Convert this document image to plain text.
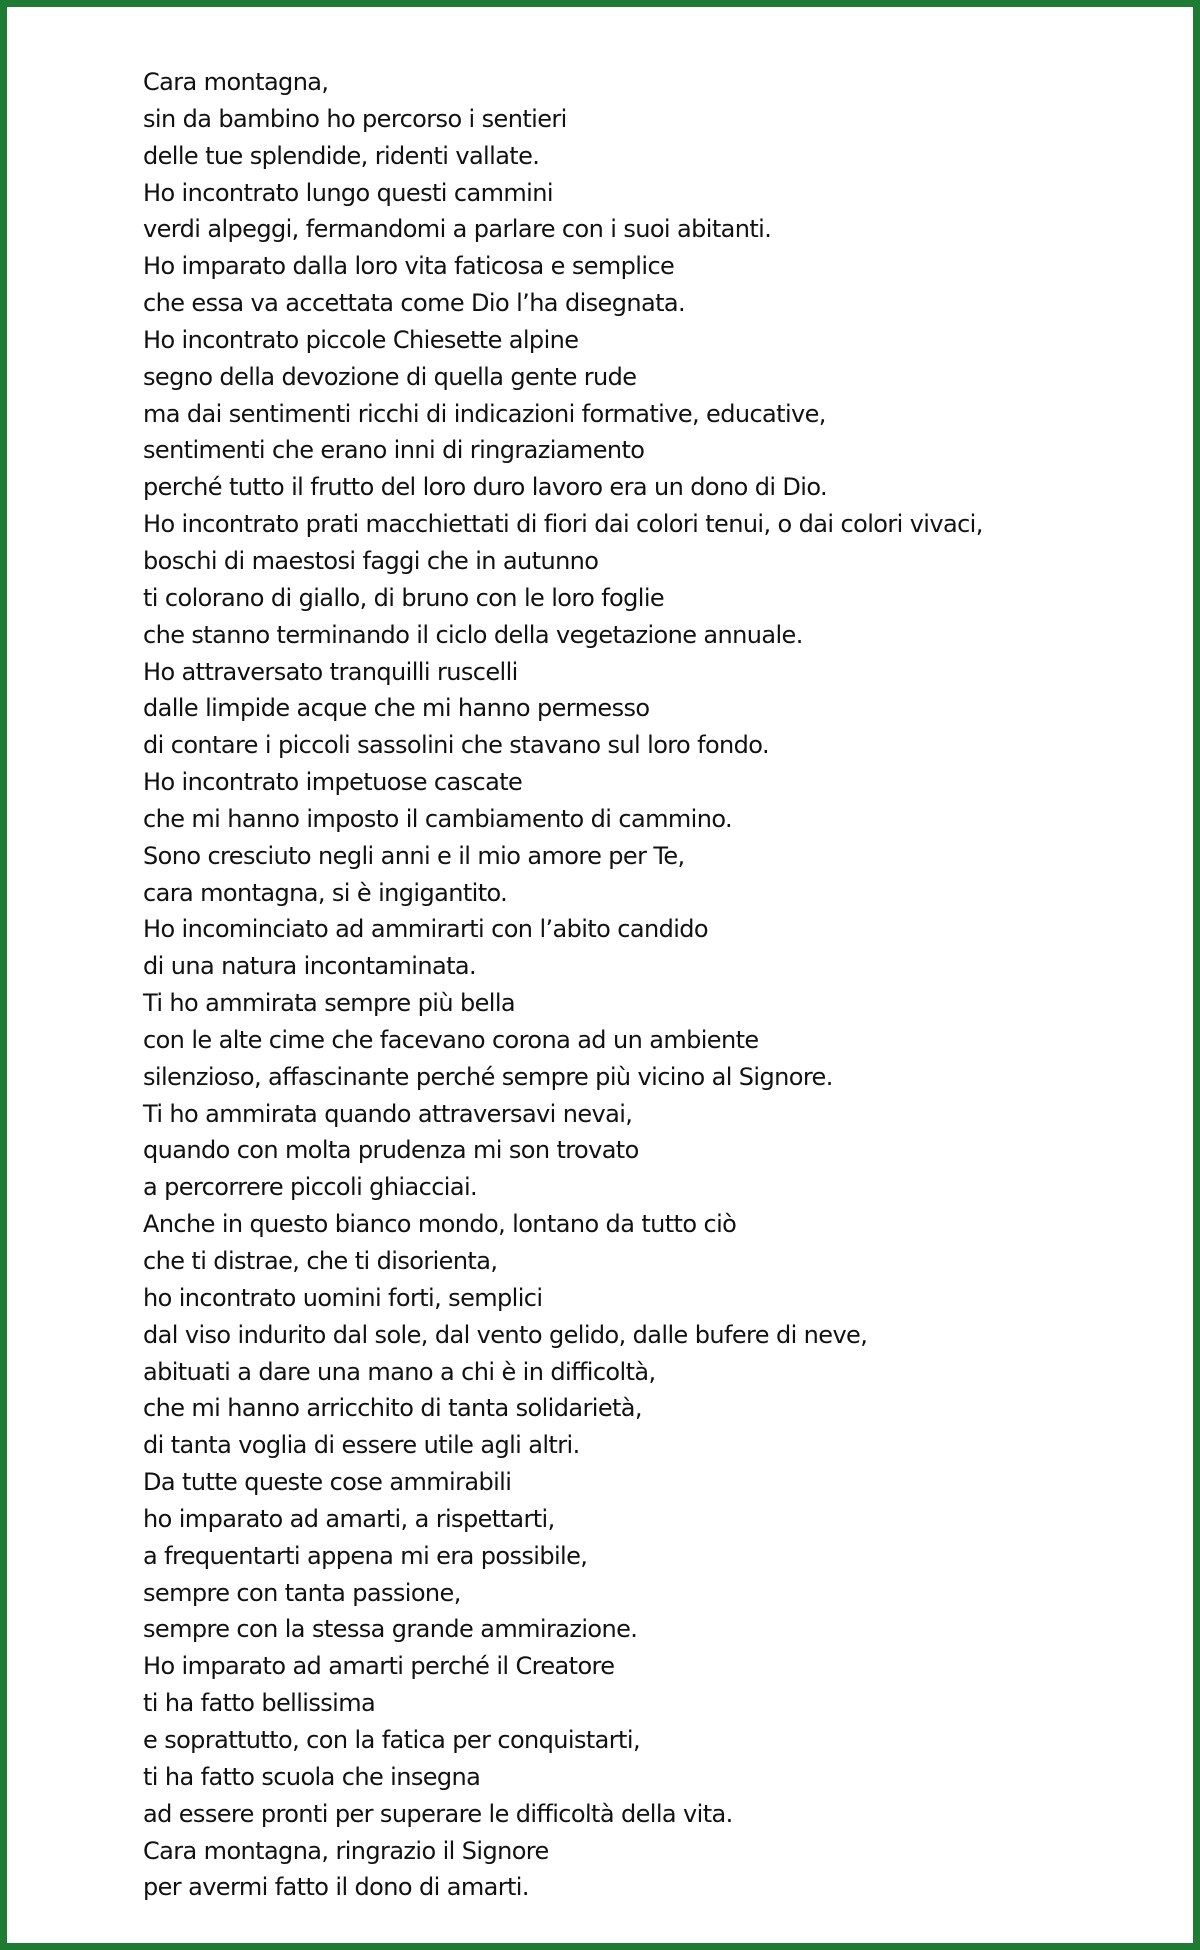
Cara montagna,
sin da bambino ho percorso i sentieri
delle tue splendide, ridenti vallate.
Ho incontrato lungo questi cammini
verdi alpeggi, fermandomi a parlare con i suoi abitanti.
Ho imparato dalla loro vita faticosa e semplice
che essa va accettata come Dio l’ha disegnata.
Ho incontrato piccole Chiesette alpine
segno della devozione di quella gente rude
ma dai sentimenti ricchi di indicazioni formative, educative,
sentimenti che erano inni di ringraziamento
perché tutto il frutto del loro duro lavoro era un dono di Dio.
Ho incontrato prati macchiettati di fiori dai colori tenui, o dai colori vivaci,
boschi di maestosi faggi che in autunno
ti colorano di giallo, di bruno con le loro foglie
che stanno terminando il ciclo della vegetazione annuale.
Ho attraversato tranquilli ruscelli
dalle limpide acque che mi hanno permesso
di contare i piccoli sassolini che stavano sul loro fondo.
Ho incontrato impetuose cascate
che mi hanno imposto il cambiamento di cammino.
Sono cresciuto negli anni e il mio amore per Te,
cara montagna, si è ingigantito.
Ho incominciato ad ammirarti con l’abito candido
di una natura incontaminata.
Ti ho ammirata sempre più bella
con le alte cime che facevano corona ad un ambiente
silenzioso, affascinante perché sempre più vicino al Signore.
Ti ho ammirata quando attraversavi nevai,
quando con molta prudenza mi son trovato
a percorrere piccoli ghiacciai.
Anche in questo bianco mondo, lontano da tutto ciò
che ti distrae, che ti disorienta,
ho incontrato uomini forti, semplici
dal viso indurito dal sole, dal vento gelido, dalle bufere di neve,
abituati a dare una mano a chi è in difficoltà,
che mi hanno arricchito di tanta solidarietà,
di tanta voglia di essere utile agli altri.
Da tutte queste cose ammirabili
ho imparato ad amarti, a rispettarti,
a frequentarti appena mi era possibile,
sempre con tanta passione,
sempre con la stessa grande ammirazione.
Ho imparato ad amarti perché il Creatore
ti ha fatto bellissima
e soprattutto, con la fatica per conquistarti,
ti ha fatto scuola che insegna
ad essere pronti per superare le difficoltà della vita.
Cara montagna, ringrazio il Signore
per avermi fatto il dono di amarti.
